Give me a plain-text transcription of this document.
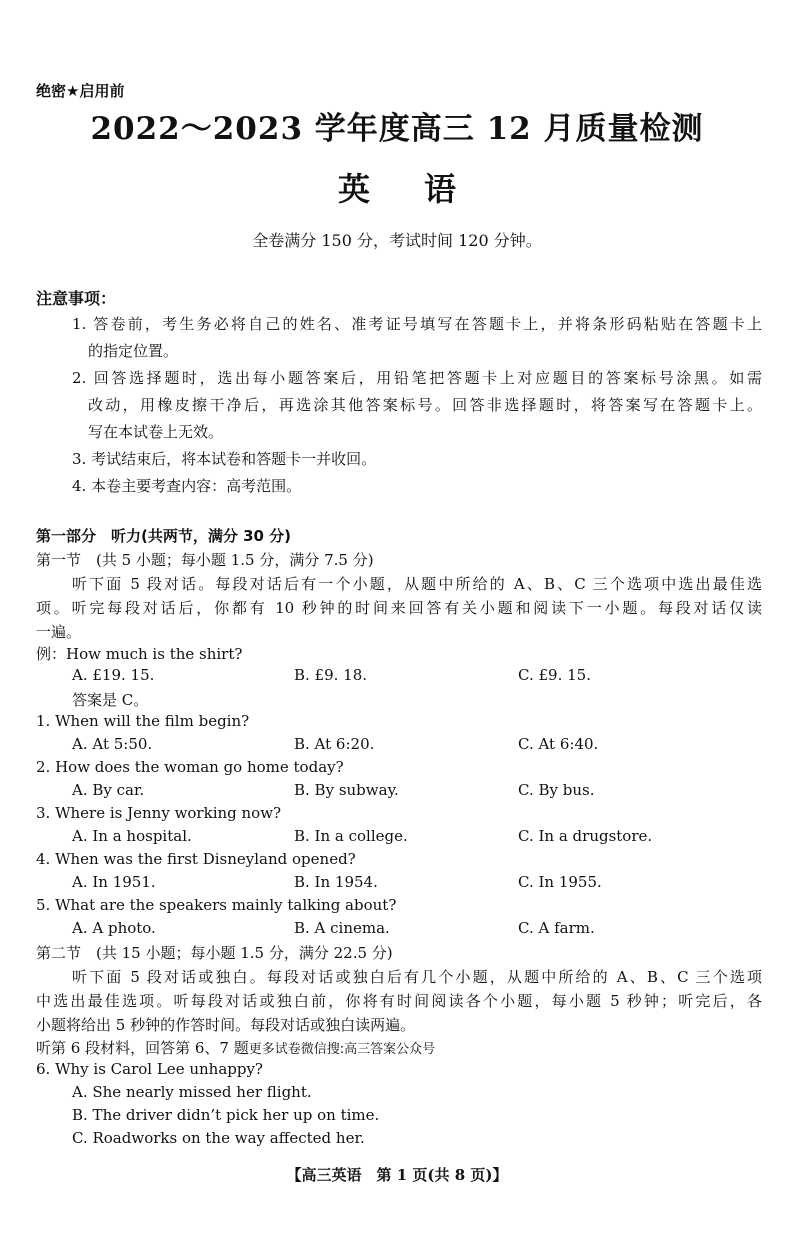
绝密★启用前
2022～2023 学年度高三 12 月质量检测
英语
全卷满分 150 分，考试时间 120 分钟。
注意事项：
1. 答卷前，考生务必将自己的姓名、准考证号填写在答题卡上，并将条形码粘贴在答题卡上
的指定位置。
2. 回答选择题时，选出每小题答案后，用铅笔把答题卡上对应题目的答案标号涂黑。如需
改动，用橡皮擦干净后，再选涂其他答案标号。回答非选择题时，将答案写在答题卡上。
写在本试卷上无效。
3. 考试结束后，将本试卷和答题卡一并收回。
4. 本卷主要考查内容：高考范围。
第一部分　听力(共两节，满分 30 分)
第一节　(共 5 小题；每小题 1.5 分，满分 7.5 分)
听下面 5 段对话。每段对话后有一个小题，从题中所给的 A、B、C 三个选项中选出最佳选
项。听完每段对话后，你都有 10 秒钟的时间来回答有关小题和阅读下一小题。每段对话仅读
一遍。
例：How much is the shirt?
A. £19. 15.	B. £9. 18.	C. £9. 15.
答案是 C。
1. When will the film begin?
A. At 5:50.	B. At 6:20.	C. At 6:40.
2. How does the woman go home today?
A. By car.	B. By subway.	C. By bus.
3. Where is Jenny working now?
A. In a hospital.	B. In a college.	C. In a drugstore.
4. When was the first Disneyland opened?
A. In 1951.	B. In 1954.	C. In 1955.
5. What are the speakers mainly talking about?
A. A photo.	B. A cinema.	C. A farm.
第二节　(共 15 小题；每小题 1.5 分，满分 22.5 分)
听下面 5 段对话或独白。每段对话或独白后有几个小题，从题中所给的 A、B、C 三个选项
中选出最佳选项。听每段对话或独白前，你将有时间阅读各个小题，每小题 5 秒钟；听完后，各
小题将给出 5 秒钟的作答时间。每段对话或独白读两遍。
听第 6 段材料，回答第 6、7 题更多试卷微信搜:高三答案公众号
6. Why is Carol Lee unhappy?
A. She nearly missed her flight.
B. The driver didn’t pick her up on time.
C. Roadworks on the way affected her.
【高三英语　第 1 页(共 8 页)】
